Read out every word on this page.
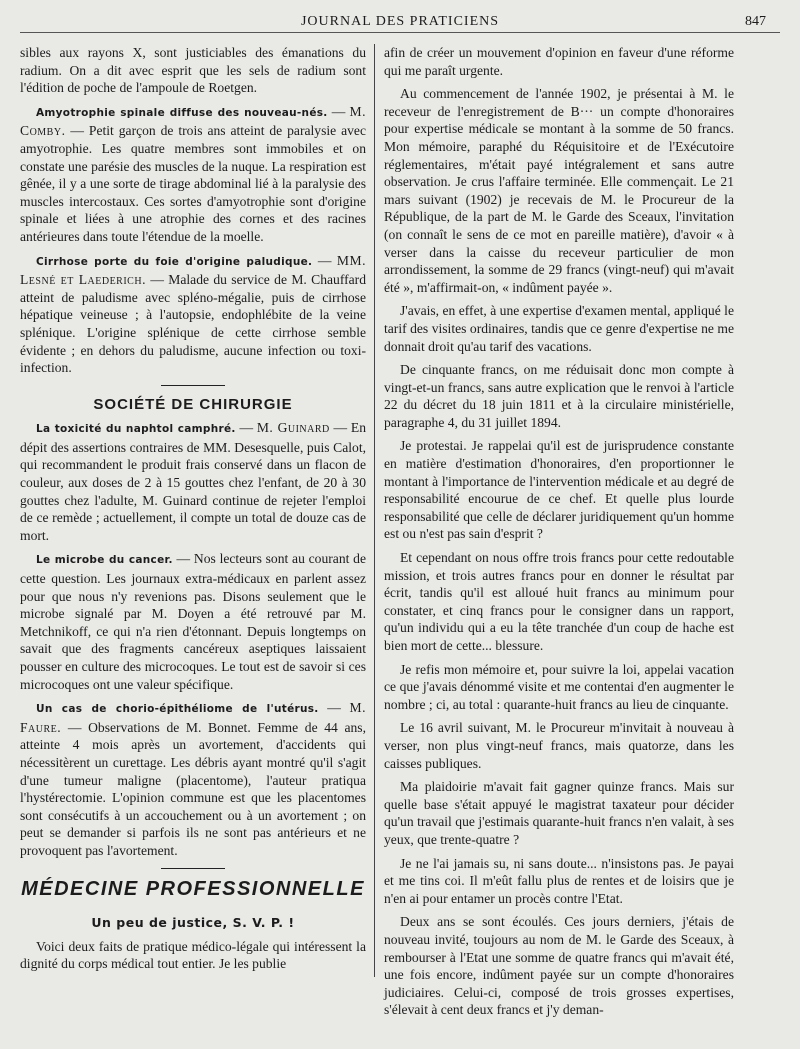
JOURNAL DES PRATICIENS	847

sibles aux rayons X, sont justiciables des émanations du radium. On a dit avec esprit que les sels de radium sont l'édition de poche de l'ampoule de Roetgen.

Amyotrophie spinale diffuse des nouveau-nés. — M. Comby. — Petit garçon de trois ans atteint de paralysie avec amyotrophie. Les quatre membres sont immobiles et on constate une parésie des muscles de la nuque. La respiration est gênée, il y a une sorte de tirage abdominal lié à la paralysie des muscles intercostaux. Ces sortes d'amyotrophie sont d'origine spinale et liées à une atrophie des cornes et des racines antérieures dans toute l'étendue de la moelle.

Cirrhose porte du foie d'origine paludique. — MM. Lesné et Laederich. — Malade du service de M. Chauffard atteint de paludisme avec spléno-mégalie, puis de cirrhose hépatique veineuse ; à l'autopsie, endophlébite de la veine splénique. L'origine splénique de cette cirrhose semble évidente ; en dehors du paludisme, aucune infection ou toxi-infection.

SOCIÉTÉ DE CHIRURGIE

La toxicité du naphtol camphré. — M. Guinard — En dépit des assertions contraires de MM. Desesquelle, puis Calot, qui recommandent le produit frais conservé dans un flacon de couleur, aux doses de 2 à 15 gouttes chez l'enfant, de 20 à 30 gouttes chez l'adulte, M. Guinard continue de rejeter l'emploi de ce remède ; actuellement, il compte un total de douze cas de mort.

Le microbe du cancer. — Nos lecteurs sont au courant de cette question. Les journaux extra-médicaux en parlent assez pour que nous n'y revenions pas. Disons seulement que le microbe signalé par M. Doyen a été retrouvé par M. Metchnikoff, ce qui n'a rien d'étonnant. Depuis longtemps on savait que des fragments cancéreux aseptiques laissaient pousser en culture des microcoques. Le tout est de savoir si ces microcoques ont une valeur spécifique.

Un cas de chorio-épithéliome de l'utérus. — M. Faure. — Observations de M. Bonnet. Femme de 44 ans, atteinte 4 mois après un avortement, d'accidents qui nécessitèrent un curettage. Les débris ayant montré qu'il s'agit d'une tumeur maligne (placentome), l'auteur pratiqua l'hystérectomie. L'opinion commune est que les placentomes sont consécutifs à un accouchement ou à un avortement ; on peut se demander si parfois ils ne sont pas antérieurs et ne provoquent pas l'avortement.

MÉDECINE PROFESSIONNELLE
Un peu de justice, S. V. P. !

Voici deux faits de pratique médico-légale qui intéressent la dignité du corps médical tout entier. Je les publie

afin de créer un mouvement d'opinion en faveur d'une réforme qui me paraît urgente.

Au commencement de l'année 1902, je présentai à M. le receveur de l'enregistrement de B··· un compte d'honoraires pour expertise médicale se montant à la somme de 50 francs. Mon mémoire, paraphé du Réquisitoire et de l'Exécutoire réglementaires, m'était payé intégralement et sans autre observation. Je crus l'affaire terminée. Elle commençait. Le 21 mars suivant (1902) je recevais de M. le Procureur de la République, de la part de M. le Garde des Sceaux, l'invitation (on connaît le sens de ce mot en pareille matière), d'avoir « à verser dans la caisse du receveur particulier de mon arrondissement, la somme de 29 francs (vingt-neuf) qui m'avait été », m'affirmait-on, « indûment payée ».

J'avais, en effet, à une expertise d'examen mental, appliqué le tarif des visites ordinaires, tandis que ce genre d'expertise ne me donnait droit qu'au tarif des vacations.

De cinquante francs, on me réduisait donc mon compte à vingt-et-un francs, sans autre explication que le renvoi à l'article 22 du décret du 18 juin 1811 et à la circulaire ministérielle, paragraphe 4, du 31 juillet 1894.

Je protestai. Je rappelai qu'il est de jurisprudence constante en matière d'estimation d'honoraires, d'en proportionner le montant à l'importance de l'intervention médicale et au degré de responsabilité encourue de ce chef. Et quelle plus lourde responsabilité que celle de déclarer juridiquement qu'un homme est ou n'est pas sain d'esprit ?

Et cependant on nous offre trois francs pour cette redoutable mission, et trois autres francs pour en donner le résultat par écrit, tandis qu'il est alloué huit francs au minimum pour constater, et cinq francs pour le consigner dans un rapport, qu'un individu qui a eu la tête tranchée d'un coup de hache est bien mort de cette... blessure.

Je refis mon mémoire et, pour suivre la loi, appelai vacation ce que j'avais dénommé visite et me contentai d'en augmenter le nombre ; ci, au total : quarante-huit francs au lieu de cinquante.

Le 16 avril suivant, M. le Procureur m'invitait à nouveau à verser, non plus vingt-neuf francs, mais quatorze, dans les caisses publiques.

Ma plaidoirie m'avait fait gagner quinze francs. Mais sur quelle base s'était appuyé le magistrat taxateur pour décider qu'un travail que j'estimais quarante-huit francs n'en valait, à ses yeux, que trente-quatre ?

Je ne l'ai jamais su, ni sans doute... n'insistons pas. Je payai et me tins coi. Il m'eût fallu plus de rentes et de loisirs que je n'en ai pour entamer un procès contre l'Etat.

Deux ans se sont écoulés. Ces jours derniers, j'étais de nouveau invité, toujours au nom de M. le Garde des Sceaux, à rembourser à l'Etat une somme de quatre francs qui m'avait été, une fois encore, indûment payée sur un compte d'honoraires judiciaires. Celui-ci, composé de trois grosses expertises, s'élevait à cent deux francs et j'y deman-
